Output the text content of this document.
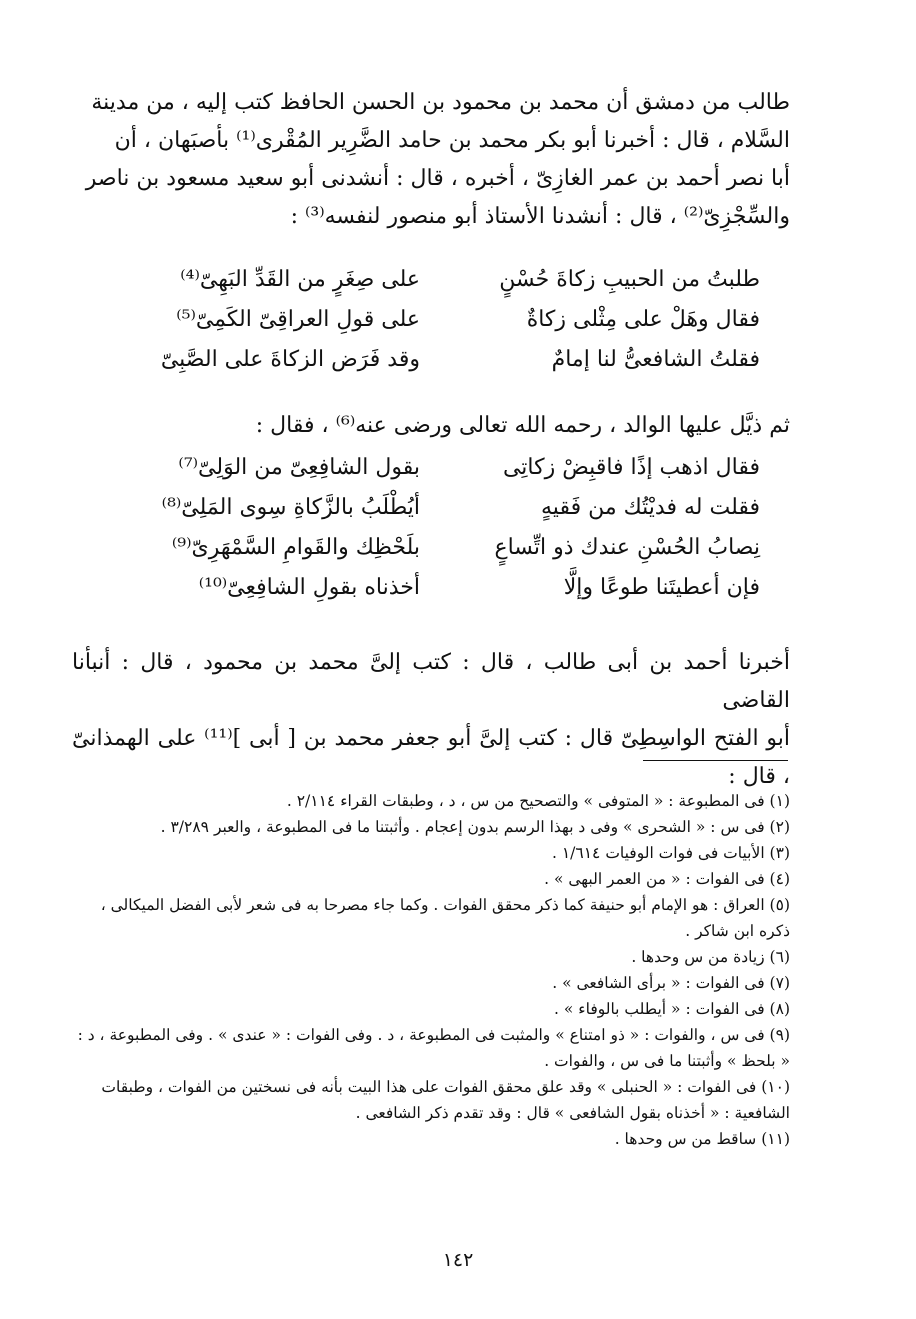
طالب من دمشق أن محمد بن محمود بن الحسن الحافظ كتب إليه ، من مدينة

السَّلام ، قال : أخبرنا أبو بكر محمد بن حامد الضَّرِير المُقْرى⁽¹⁾ بأصبَهان ، أن

أبا نصر أحمد بن عمر الغازِىّ ، أخبره ، قال : أنشدنى أبو سعيد مسعود بن ناصر

والسِّجْزِىّ⁽²⁾ ، قال : أنشدنا الأستاذ أبو منصور لنفسه⁽³⁾ :

طلبتُ من الحبيبِ زكاةَ حُسْنٍ
على صِغَرٍ من القَدِّ البَهِىّ⁽⁴⁾
فقال وهَلْ على مِثْلى زكاةٌ
على قولِ العراقِىّ الكَمِىّ⁽⁵⁾
فقلتُ الشافعىُّ لنا إمامٌ
وقد فَرَض الزكاةَ على الصَّبِىّ
ثم ذيَّل عليها الوالد ، رحمه الله تعالى ورضى عنه⁽⁶⁾ ، فقال :
فقال اذهب إذًا فاقبِضْ زكاتِى
بقول الشافِعِىّ من الوَلِىّ⁽⁷⁾
فقلت له فديْتُك من فَقيهٍ
أيُطْلَبُ بالزَّكاةِ سِوى المَلِىّ⁽⁸⁾
نِصابُ الحُسْنِ عندك ذو اتِّساعٍ
بلَحْظِك والقَوامِ السَّمْهَرِىّ⁽⁹⁾
فإن أعطيتَنا طوعًا وإلَّا
أخذناه بقولِ الشافِعِىّ⁽¹⁰⁾

أخبرنا أحمد بن أبى طالب ، قال : كتب إلىَّ محمد بن محمود ، قال : أنبأنا القاضى

أبو الفتح الواسِطِىّ قال : كتب إلىَّ أبو جعفر محمد بن [ أبى ]⁽¹¹⁾ على الهمذانىّ ، قال :

(١) فى المطبوعة : « المتوفى » والتصحيح من س ، د ، وطبقات القراء ٢/١١٤ .

(٢) فى س : « الشحرى » وفى د بهذا الرسم بدون إعجام . وأثبتنا ما فى المطبوعة ، والعبر ٣/٢٨٩ .

(٣) الأبيات فى فوات الوفيات ١/٦١٤ .

(٤) فى الفوات : « من العمر البهى » .

(٥) العراق : هو الإمام أبو حنيفة كما ذكر محقق الفوات . وكما جاء مصرحا به فى شعر لأبى الفضل الميكالى ، ذكره ابن شاكر .

(٦) زيادة من س وحدها .

(٧) فى الفوات : « برأى الشافعى » .

(٨) فى الفوات : « أيطلب بالوفاء » .

(٩) فى س ، والفوات : « ذو امتناع » والمثبت فى المطبوعة ، د . وفى الفوات : « عندى » . وفى المطبوعة ، د : « بلحظ » وأثبتنا ما فى س ، والفوات .

(١٠) فى الفوات : « الحنبلى » وقد علق محقق الفوات على هذا البيت بأنه فى نسختين من الفوات ، وطبقات الشافعية : « أخذناه بقول الشافعى » قال : وقد تقدم ذكر الشافعى .

(١١) ساقط من س وحدها .

١٤٢
